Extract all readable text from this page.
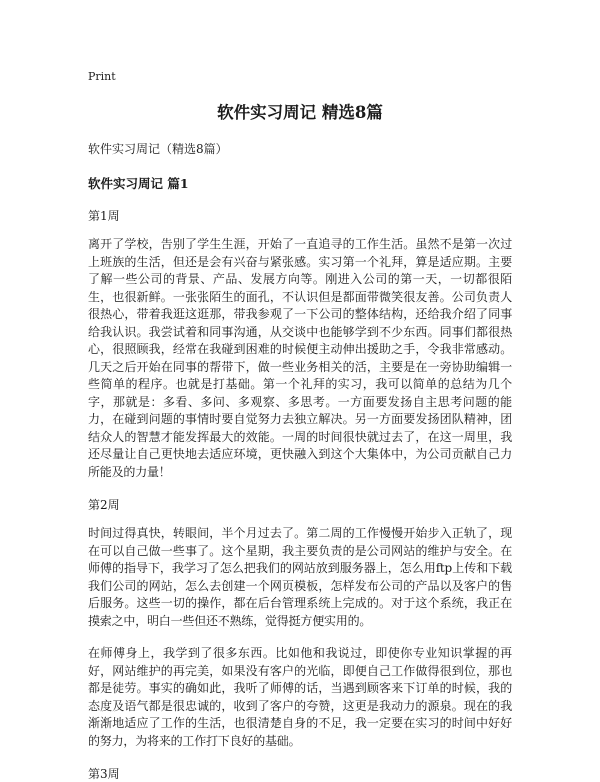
Print
软件实习周记 精选8篇
软件实习周记（精选8篇）
软件实习周记 篇1
第1周

离开了学校，告别了学生生涯，开始了一直追寻的工作生活。虽然不是第一次过上班族的生活，但还是会有兴奋与紧张感。实习第一个礼拜，算是适应期。主要了解一些公司的背景、产品、发展方向等。刚进入公司的第一天，一切都很陌生，也很新鲜。一张张陌生的面孔，不认识但是都面带微笑很友善。公司负责人很热心，带着我逛这逛那，带我参观了一下公司的整体结构，还给我介绍了同事给我认识。我尝试着和同事沟通，从交谈中也能够学到不少东西。同事们都很热心，很照顾我，经常在我碰到困难的时候便主动伸出援助之手，令我非常感动。几天之后开始在同事的帮带下，做一些业务相关的活，主要是在一旁协助编辑一些简单的程序。也就是打基础。第一个礼拜的实习，我可以简单的总结为几个字，那就是：多看、多问、多观察、多思考。一方面要发扬自主思考问题的能力，在碰到问题的事情时要自觉努力去独立解决。另一方面要发扬团队精神，团结众人的智慧才能发挥最大的效能。一周的时间很快就过去了，在这一周里，我还尽量让自己更快地去适应环境，更快融入到这个大集体中，为公司贡献自己力所能及的力量！

第2周

时间过得真快，转眼间，半个月过去了。第二周的工作慢慢开始步入正轨了，现在可以自己做一些事了。这个星期，我主要负责的是公司网站的维护与安全。在师傅的指导下，我学习了怎么把我们的网站放到服务器上，怎么用ftp上传和下载我们公司的网站，怎么去创建一个网页模板，怎样发布公司的产品以及客户的售后服务。这些一切的操作，都在后台管理系统上完成的。对于这个系统，我正在摸索之中，明白一些但还不熟练，觉得挺方便实用的。

在师傅身上，我学到了很多东西。比如他和我说过，即使你专业知识掌握的再好，网站维护的再完美，如果没有客户的光临，即便自己工作做得很到位，那也都是徒劳。事实的确如此，我听了师傅的话，当遇到顾客来下订单的时候，我的态度及语气都是很忠诚的，收到了客户的夸赞，这更是我动力的源泉。现在的我渐渐地适应了工作的生活，也很清楚自身的不足，我一定要在实习的时间中好好的努力，为将来的工作打下良好的基础。

第3周
